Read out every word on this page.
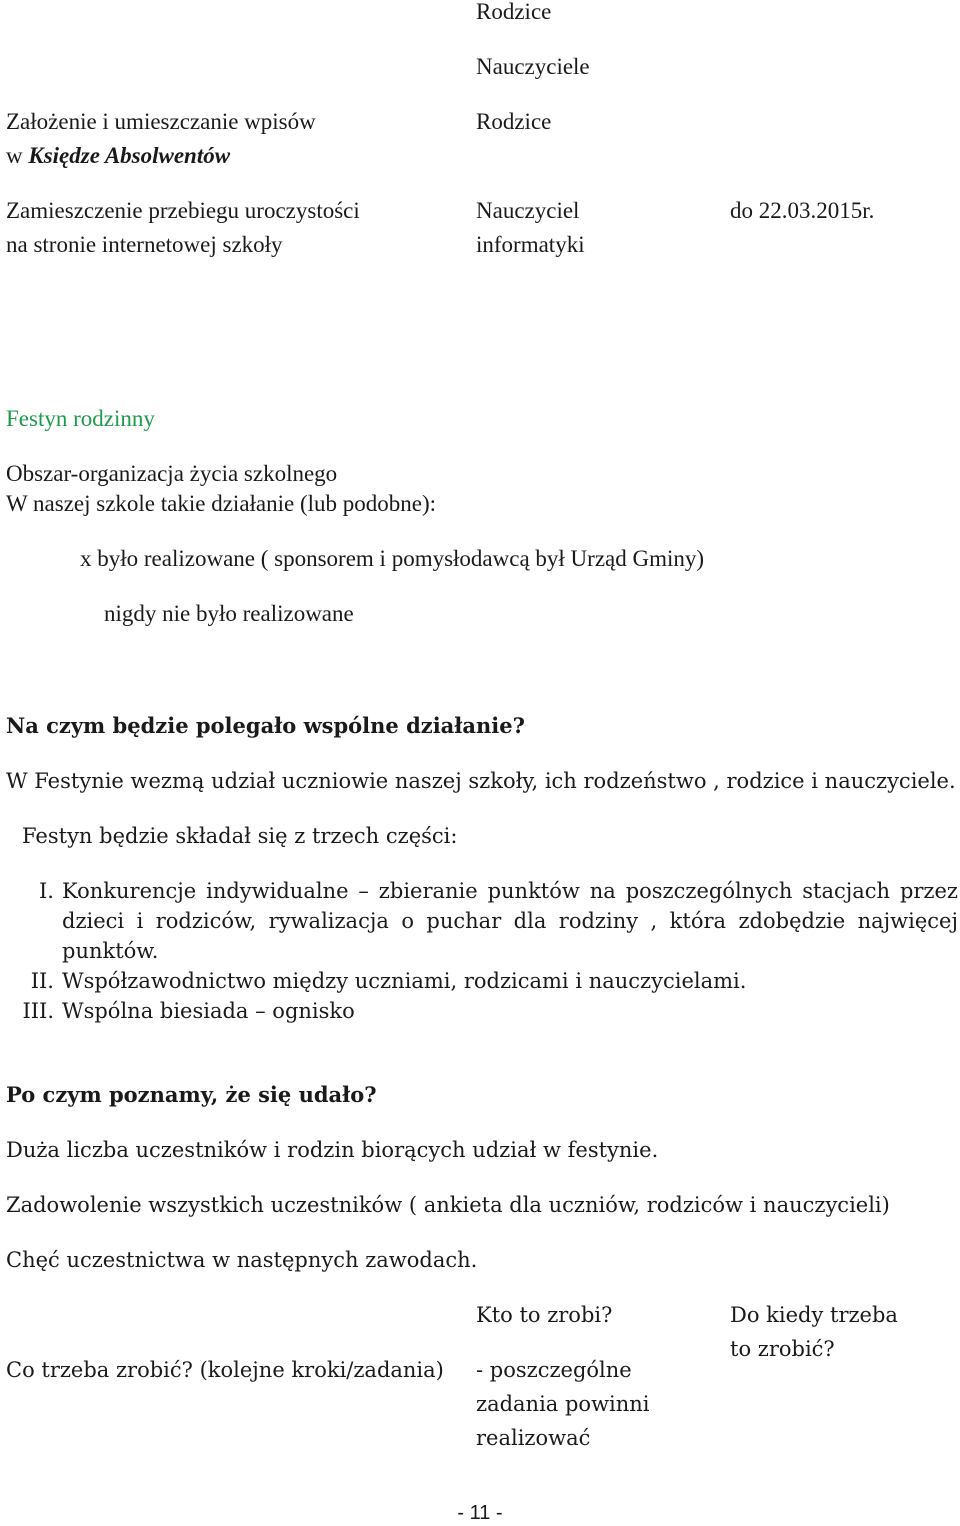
Rodzice
Nauczyciele
Założenie i umieszczanie wpisów
w Księdze Absolwentów
Rodzice
Zamieszczenie przebiegu uroczystości
na stronie internetowej szkoły
Nauczyciel
informatyki
do 22.03.2015r.
Festyn rodzinny
Obszar-organizacja życia szkolnego
W naszej szkole takie działanie (lub podobne):
x było realizowane ( sponsorem i pomysłodawcą był Urząd Gminy)
nigdy nie było realizowane
Na czym będzie polegało wspólne działanie?
W Festynie wezmą udział uczniowie naszej szkoły, ich rodzeństwo , rodzice i nauczyciele.
Festyn będzie składał się z trzech części:
I. Konkurencje indywidualne – zbieranie punktów na poszczególnych stacjach przez dzieci i rodziców, rywalizacja o puchar dla rodziny , która zdobędzie najwięcej punktów.
II. Współzawodnictwo między uczniami, rodzicami i nauczycielami.
III. Wspólna biesiada – ognisko
Po czym poznamy, że się udało?
Duża liczba uczestników i rodzin biorących udział w festynie.
Zadowolenie wszystkich uczestników ( ankieta dla uczniów, rodziców i nauczycieli)
Chęć uczestnictwa w następnych zawodach.
Kto to zrobi?	Do kiedy trzeba
to zrobić?
Co trzeba zrobić? (kolejne kroki/zadania) - poszczególne
zadania powinni
realizować
- 11 -
